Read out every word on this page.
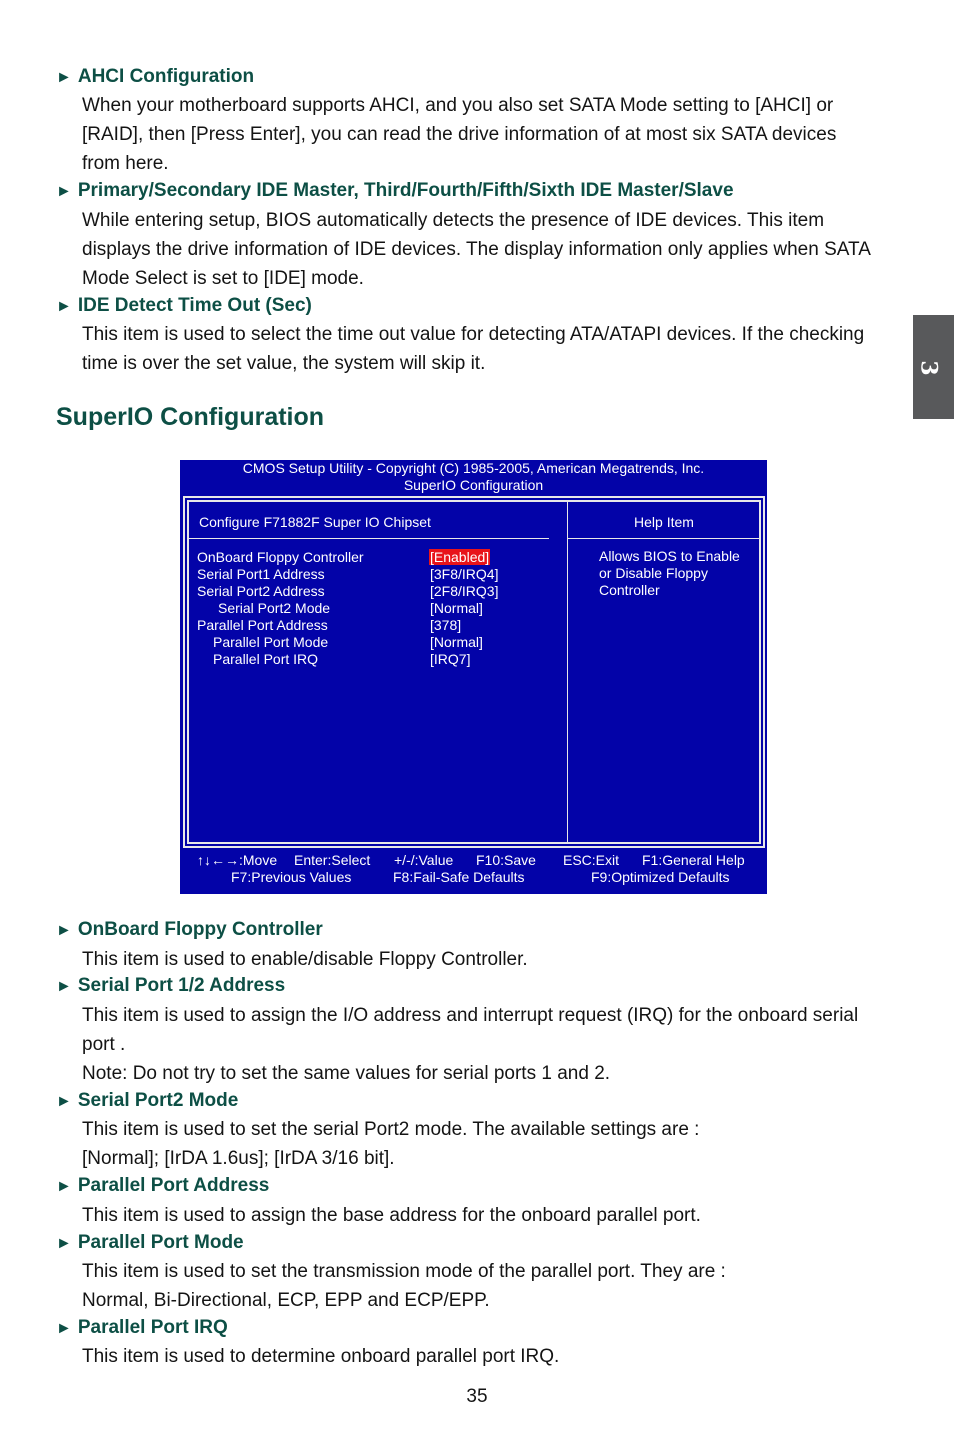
3
► AHCI Configuration

When your motherboard supports AHCI, and you also set SATA Mode setting to [AHCI] or

[RAID], then [Press Enter], you can read the drive information of at most six SATA devices

from here.

► Primary/Secondary IDE Master, Third/Fourth/Fifth/Sixth IDE Master/Slave

While entering setup, BIOS automatically detects the presence of IDE devices. This item

displays the drive information of IDE devices. The display information only applies when SATA

Mode Select is set to [IDE] mode.

► IDE Detect Time Out (Sec)

This item is used to select the time out value for detecting ATA/ATAPI devices. If the checking

time is over the set value, the system will skip it.

SuperIO Configuration
CMOS Setup Utility - Copyright (C) 1985-2005, American Megatrends, Inc.
SuperIO Configuration
Configure F71882F Super IO Chipset	Help Item
OnBoard Floppy Controller	[Enabled]
Serial Port1 Address	[3F8/IRQ4]
Serial Port2 Address	[2F8/IRQ3]
Serial Port2 Mode	[Normal]
Parallel Port Address	[378]
Parallel Port Mode	[Normal]
Parallel Port IRQ	[IRQ7]
Allows BIOS to Enable
or Disable Floppy
Controller
↑↓←→:Move Enter:Select +/-/:Value F10:Save ESC:Exit F1:General Help
F7:Previous Values	F8:Fail-Safe Defaults	F9:Optimized Defaults
► OnBoard Floppy Controller

This item is used to enable/disable Floppy Controller.

► Serial Port 1/2 Address

This item is used to assign the I/O address and interrupt request (IRQ) for the onboard serial

port .

Note: Do not try to set the same values for serial ports 1 and 2.

► Serial Port2 Mode

This item is used to set the serial Port2 mode. The available settings are :

[Normal]; [IrDA 1.6us]; [IrDA 3/16 bit].

► Parallel Port Address

This item is used to assign the base address for the onboard parallel port.

► Parallel Port Mode

This item is used to set the transmission mode of the parallel port. They are :

Normal, Bi-Directional, ECP, EPP and ECP/EPP.

► Parallel Port IRQ

This item is used to determine onboard parallel port IRQ.

35
